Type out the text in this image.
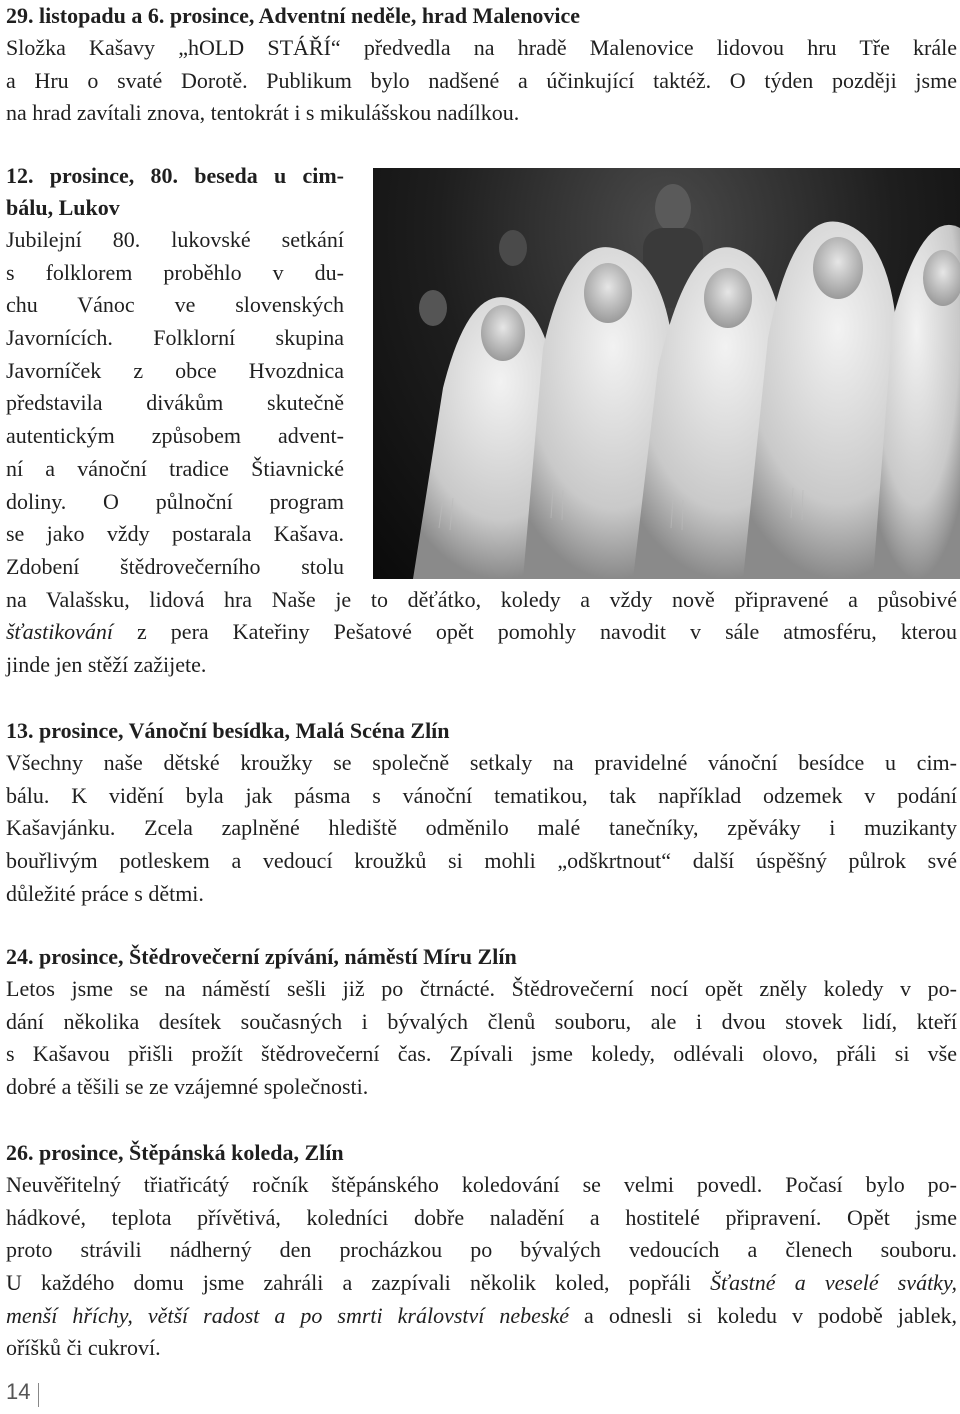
29. listopadu a 6. prosince, Adventní neděle, hrad Malenovice
Složka Kašavy „hOLD STÁŘÍ“ předvedla na hradě Malenovice lidovou hru Tře krále
a Hru o svaté Dorotě. Publikum bylo nadšené a účinkující taktéž. O týden později jsme
na hrad zavítali znova, tentokrát i s mikulášskou nadílkou.
12. prosince, 80. beseda u cim-
bálu, Lukov
Jubilejní 80. lukovské setkání
s folklorem proběhlo v du-
chu Vánoc ve slovenských
Javornících. Folklorní skupina
Javorníček z obce Hvozdnica
představila divákům skutečně
autentickým způsobem advent-
ní a vánoční tradice Štiavnické
doliny. O půlnoční program
se jako vždy postarala Kašava.
Zdobení štědrovečerního stolu
na Valašsku, lidová hra Naše je to děťátko, koledy a vždy nově připravené a působivé
šťastikování z pera Kateřiny Pešatové opět pomohly navodit v sále atmosféru, kterou
jinde jen stěží zažijete.
13. prosince, Vánoční besídka, Malá Scéna Zlín
Všechny naše dětské kroužky se společně setkaly na pravidelné vánoční besídce u cim-
bálu. K vidění byla jak pásma s vánoční tematikou, tak například odzemek v podání
Kašavjánku. Zcela zaplněné hlediště odměnilo malé tanečníky, zpěváky i muzikanty
bouřlivým potleskem a vedoucí kroužků si mohli „odškrtnout“ další úspěšný půlrok své
důležité práce s dětmi.
24. prosince, Štědrovečerní zpívání, náměstí Míru Zlín
Letos jsme se na náměstí sešli již po čtrnácté. Štědrovečerní nocí opět zněly koledy v po-
dání několika desítek současných i bývalých členů souboru, ale i dvou stovek lidí, kteří
s Kašavou přišli prožít štědrovečerní čas. Zpívali jsme koledy, odlévali olovo, přáli si vše
dobré a těšili se ze vzájemné společnosti.
26. prosince, Štěpánská koleda, Zlín
Neuvěřitelný třiatřicátý ročník štěpánského koledování se velmi povedl. Počasí bylo po-
hádkové, teplota přívětivá, koledníci dobře naladění a hostitelé připravení. Opět jsme
proto strávili nádherný den procházkou po bývalých vedoucích a členech souboru.
U každého domu jsme zahráli a zazpívali několik koled, popřáli Šťastné a veselé svátky,
menší hříchy, větší radost a po smrti království nebeské a odnesli si koledu v podobě jablek,
oříšků či cukroví.
14
